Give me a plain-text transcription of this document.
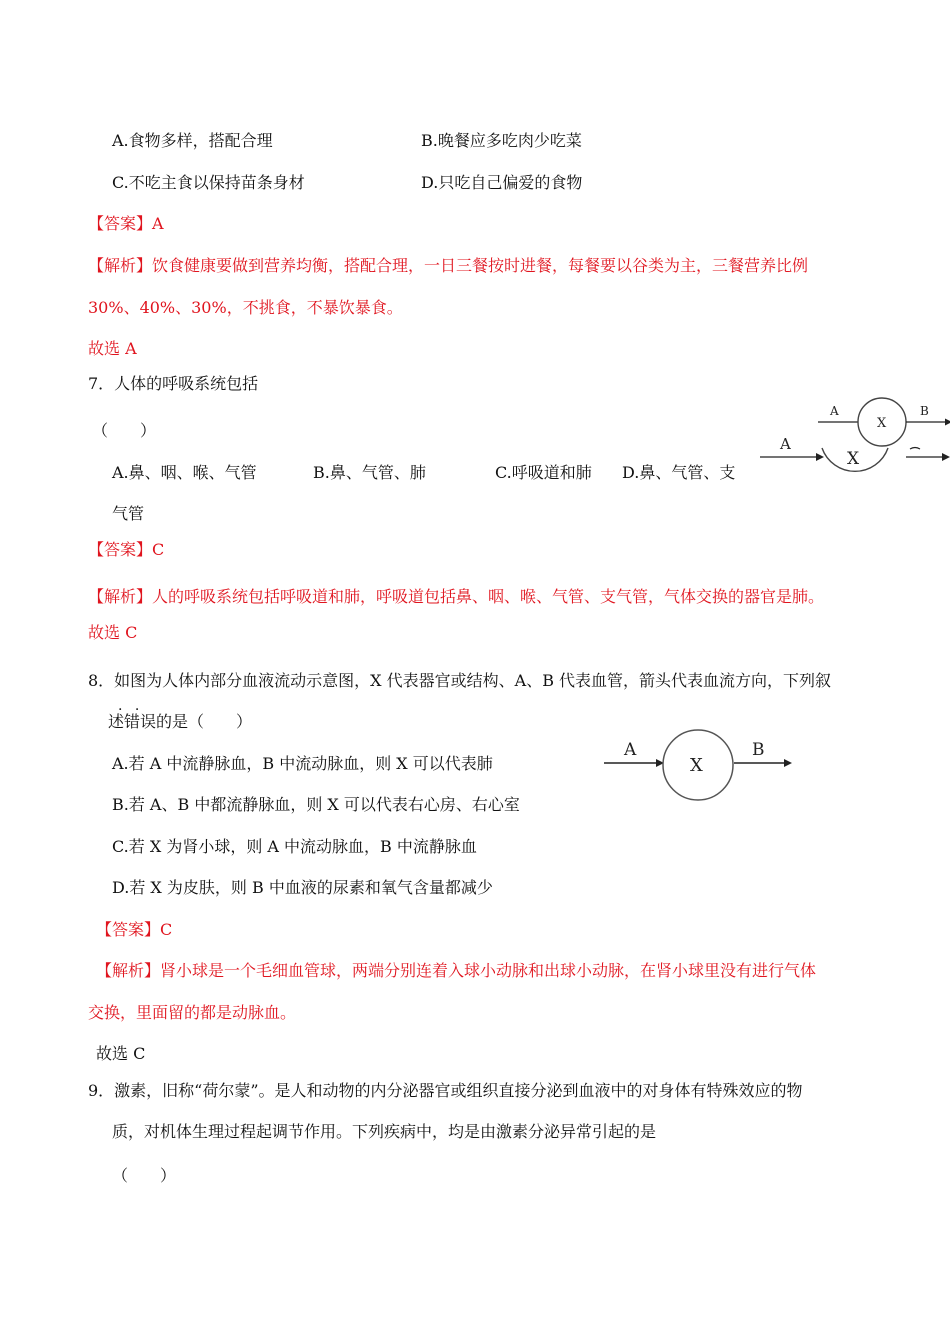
A.食物多样，搭配合理	B.晚餐应多吃肉少吃菜
C.不吃主食以保持苗条身材	D.只吃自己偏爱的食物
【答案】A
【解析】饮食健康要做到营养均衡，搭配合理，一日三餐按时进餐，每餐要以谷类为主，三餐营养比例
30%、40%、30%，不挑食，不暴饮暴食。
故选 A
7．人体的呼吸系统包括
（　　）
A.鼻、咽、喉、气管	B.鼻、气管、肺	C.呼吸道和肺 D.鼻、气管、支
气管
【答案】C
【解析】人的呼吸系统包括呼吸道和肺，呼吸道包括鼻、咽、喉、气管、支气管，气体交换的器官是肺。
故选 C
A
X
B
A
X
8．如图为人体内部分血液流动示意图，X 代表器官或结构、A、B 代表血管，箭头代表血流方向，下列叙
. .
述错误的是（　　）
A.若 A 中流静脉血，B 中流动脉血，则 X 可以代表肺
B.若 A、B 中都流静脉血，则 X 可以代表右心房、右心室
C.若 X 为肾小球，则 A 中流动脉血，B 中流静脉血
D.若 X 为皮肤，则 B 中血液的尿素和氧气含量都减少
A
X
B
【答案】C
【解析】肾小球是一个毛细血管球，两端分别连着入球小动脉和出球小动脉，在肾小球里没有进行气体
交换，里面留的都是动脉血。
故选 C
9．激素，旧称“荷尔蒙”。是人和动物的内分泌器官或组织直接分泌到血液中的对身体有特殊效应的物
质，对机体生理过程起调节作用。下列疾病中，均是由激素分泌异常引起的是
（　　）
